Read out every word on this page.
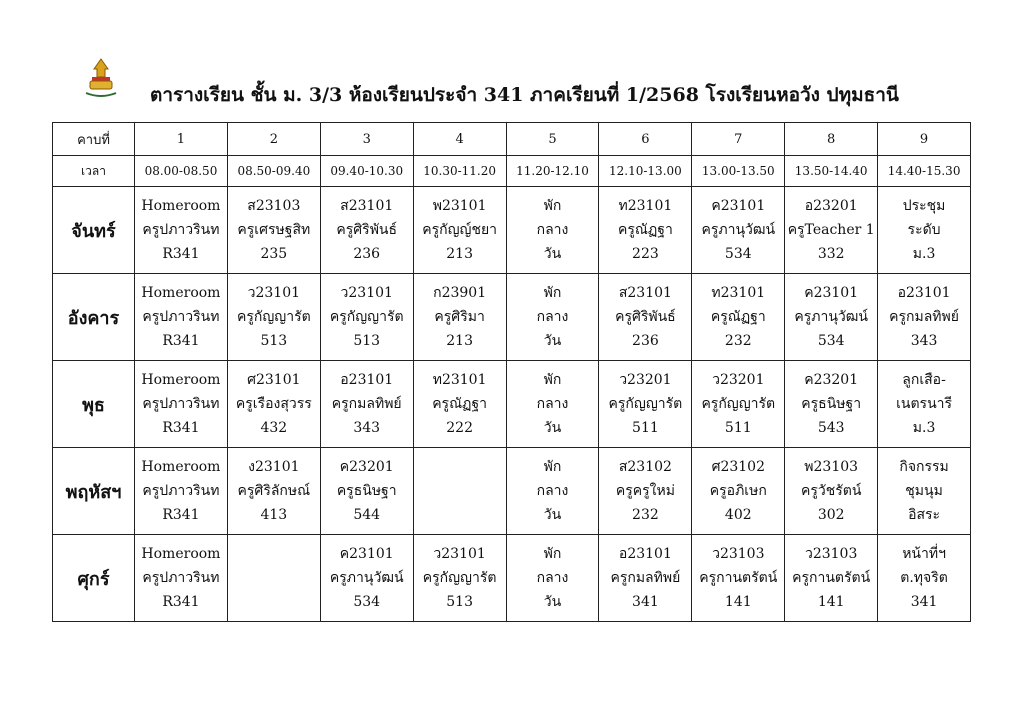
ตารางเรียน ชั้น ม. 3/3 ห้องเรียนประจำ 341 ภาคเรียนที่ 1/2568 โรงเรียนหอวัง ปทุมธานี
คาบที่	1	2	3	4	5	6	7	8	9
เวลา	08.00-08.50	08.50-09.40	09.40-10.30	10.30-11.20	11.20-12.10	12.10-13.00	13.00-13.50	13.50-14.40	14.40-15.30
จันทร์	Homeroom
ครูปภาวรินท
R341	ส23103
ครูเศรษฐสิท
235	ส23101
ครูศิริพันธ์
236	พ23101
ครูกัญญ์ชยา
213	พัก
กลาง
วัน	ท23101
ครูณัฏฐา
223	ค23101
ครูภานุวัฒน์
534	อ23201
ครูTeacher 1
332	ประชุม
ระดับ
ม.3

อังคาร	Homeroom
ครูปภาวรินท
R341	ว23101
ครูกัญญารัต
513	ว23101
ครูกัญญารัต
513	ก23901
ครูศิริมา
213	พัก
กลาง
วัน	ส23101
ครูศิริพันธ์
236	ท23101
ครูณัฏฐา
232	ค23101
ครูภานุวัฒน์
534	อ23101
ครูกมลทิพย์
343

พุธ	Homeroom
ครูปภาวรินท
R341	ศ23101
ครูเรืองสุวรร
432	อ23101
ครูกมลทิพย์
343	ท23101
ครูณัฏฐา
222	พัก
กลาง
วัน	ว23201
ครูกัญญารัต
511	ว23201
ครูกัญญารัต
511	ค23201
ครูธนิษฐา
543	ลูกเสือ-
เนตรนารี
ม.3

พฤหัสฯ	Homeroom
ครูปภาวรินท
R341	ง23101
ครูศิริลักษณ์
413	ค23201
ครูธนิษฐา
544		พัก
กลาง
วัน	ส23102
ครูครูใหม่
232	ศ23102
ครูอภิเษก
402	พ23103
ครูวัชรัตน์
302	กิจกรรม
ชุมนุม
อิสระ

ศุกร์	Homeroom
ครูปภาวรินท
R341		ค23101
ครูภานุวัฒน์
534	ว23101
ครูกัญญารัต
513	พัก
กลาง
วัน	อ23101
ครูกมลทิพย์
341	ว23103
ครูกานตรัตน์
141	ว23103
ครูกานตรัตน์
141	หน้าที่ฯ
ต.ทุจริต
341
